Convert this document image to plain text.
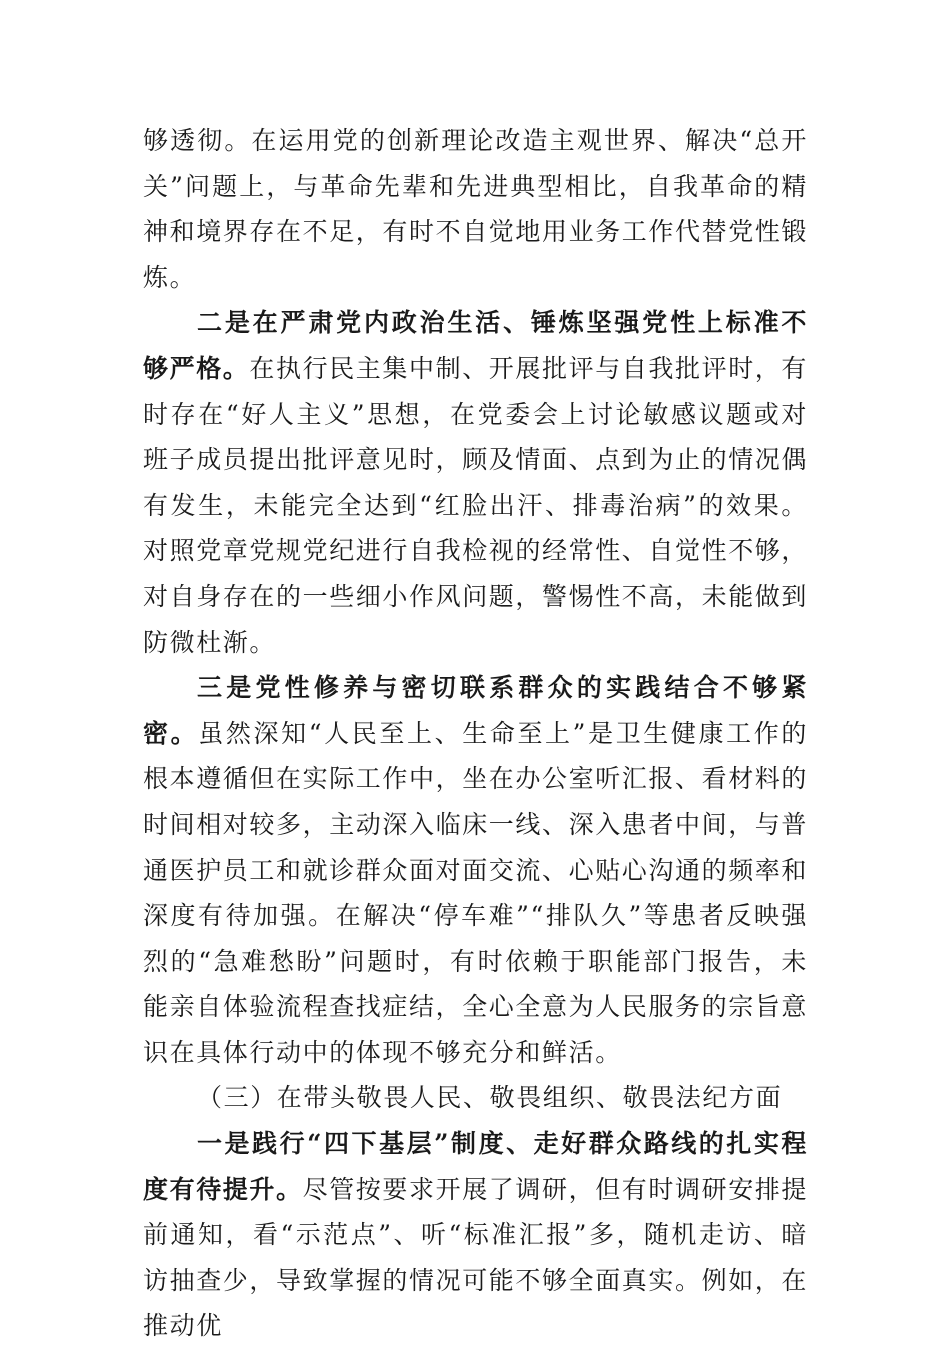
够透彻。在运用党的创新理论改造主观世界、解决“总开关”问题上，与革命先辈和先进典型相比，自我革命的精神和境界存在不足，有时不自觉地用业务工作代替党性锻炼。

二是在严肃党内政治生活、锤炼坚强党性上标准不够严格。在执行民主集中制、开展批评与自我批评时，有时存在“好人主义”思想，在党委会上讨论敏感议题或对班子成员提出批评意见时，顾及情面、点到为止的情况偶有发生，未能完全达到“红脸出汗、排毒治病”的效果。对照党章党规党纪进行自我检视的经常性、自觉性不够，对自身存在的一些细小作风问题，警惕性不高，未能做到防微杜渐。

三是党性修养与密切联系群众的实践结合不够紧密。虽然深知“人民至上、生命至上”是卫生健康工作的根本遵循但在实际工作中，坐在办公室听汇报、看材料的时间相对较多，主动深入临床一线、深入患者中间，与普通医护员工和就诊群众面对面交流、心贴心沟通的频率和深度有待加强。在解决“停车难”“排队久”等患者反映强烈的“急难愁盼”问题时，有时依赖于职能部门报告，未能亲自体验流程查找症结，全心全意为人民服务的宗旨意识在具体行动中的体现不够充分和鲜活。

（三）在带头敬畏人民、敬畏组织、敬畏法纪方面

一是践行“四下基层”制度、走好群众路线的扎实程度有待提升。尽管按要求开展了调研，但有时调研安排提前通知，看“示范点”、听“标准汇报”多，随机走访、暗访抽查少，导致掌握的情况可能不够全面真实。例如，在推动优
